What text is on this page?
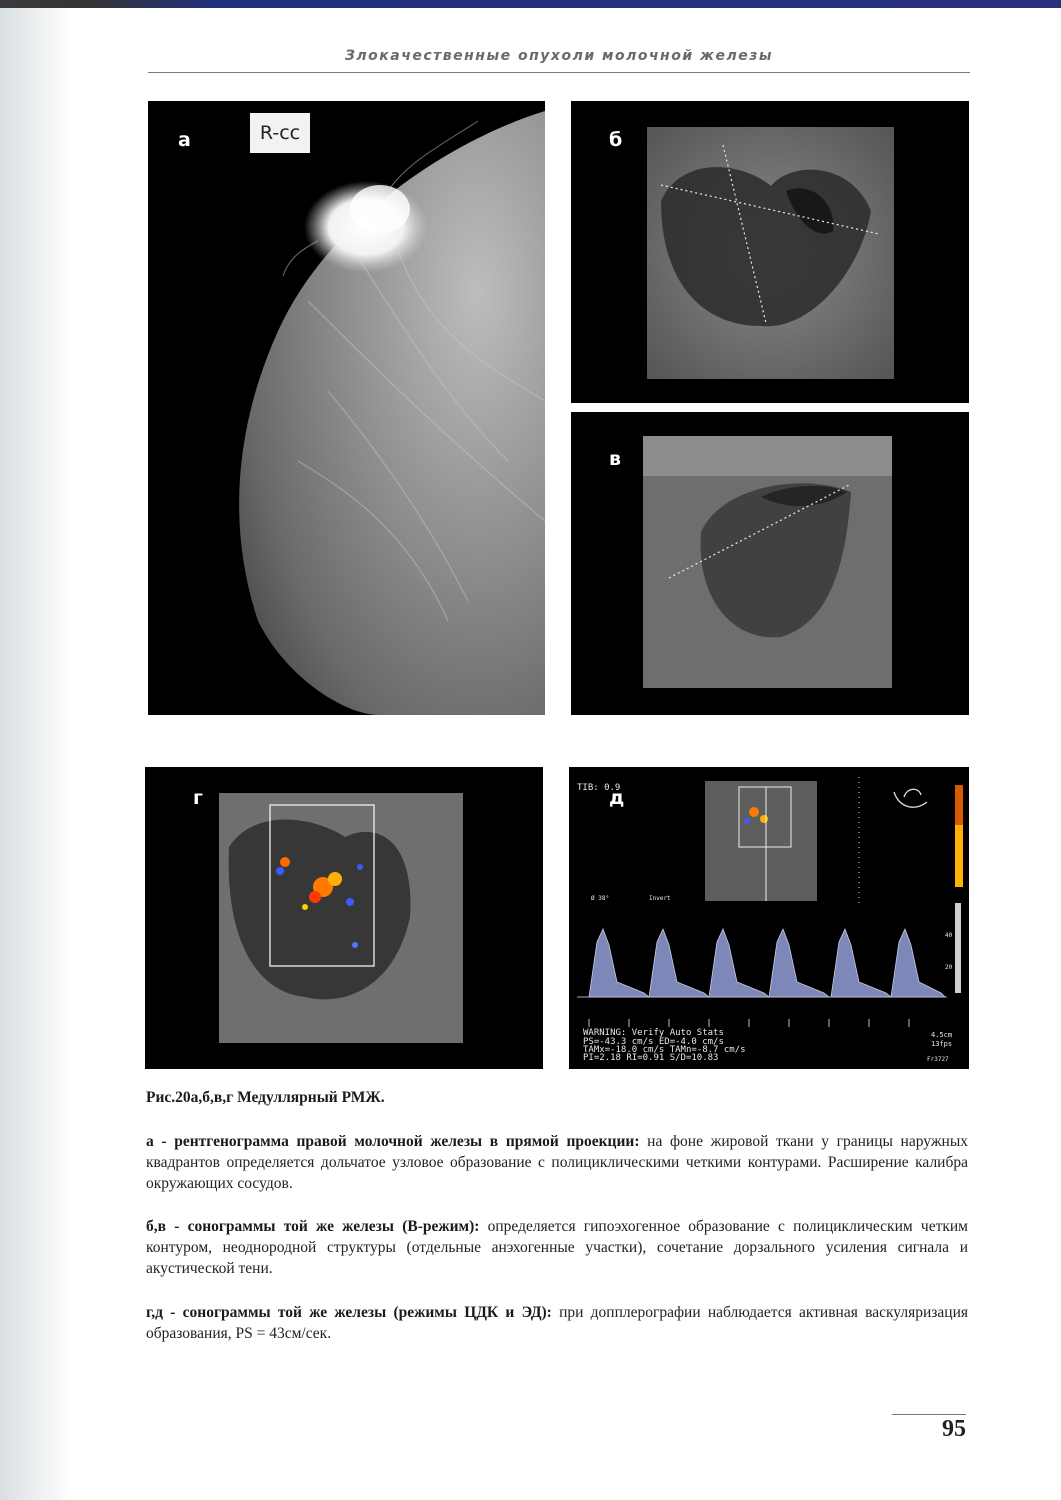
Злокачественные опухоли молочной железы
а	R-cc	б
в
г	TIB: 0.9
д
Ø 38°	Invert
40
20
WARNING: Verify Auto Stats
PS=-43.3 cm/s ED=-4.0 cm/s
TAMx=-18.0 cm/s TAMn=-8.7 cm/s
PI=2.18 RI=0.91 S/D=10.83
4.5cm
13fps
Fr3727
Рис.20а,б,в,г Медуллярный РМЖ.
а - рентгенограмма правой молочной железы в прямой проекции: на фоне жировой ткани у границы наружных квадрантов определяется дольчатое узловое образование с полициклическими четкими контурами. Расширение калибра окружающих сосудов.
б,в - сонограммы той же железы (В-режим): определяется гипоэхогенное образование с полициклическим четким контуром, неоднородной структуры (отдельные анэхогенные участки), сочетание дорзального усиления сигнала и акустической тени.
г,д - сонограммы той же железы (режимы ЦДК и ЭД): при допплерографии наблюдается активная васкуляризация образования, PS = 43см/сек.
95
